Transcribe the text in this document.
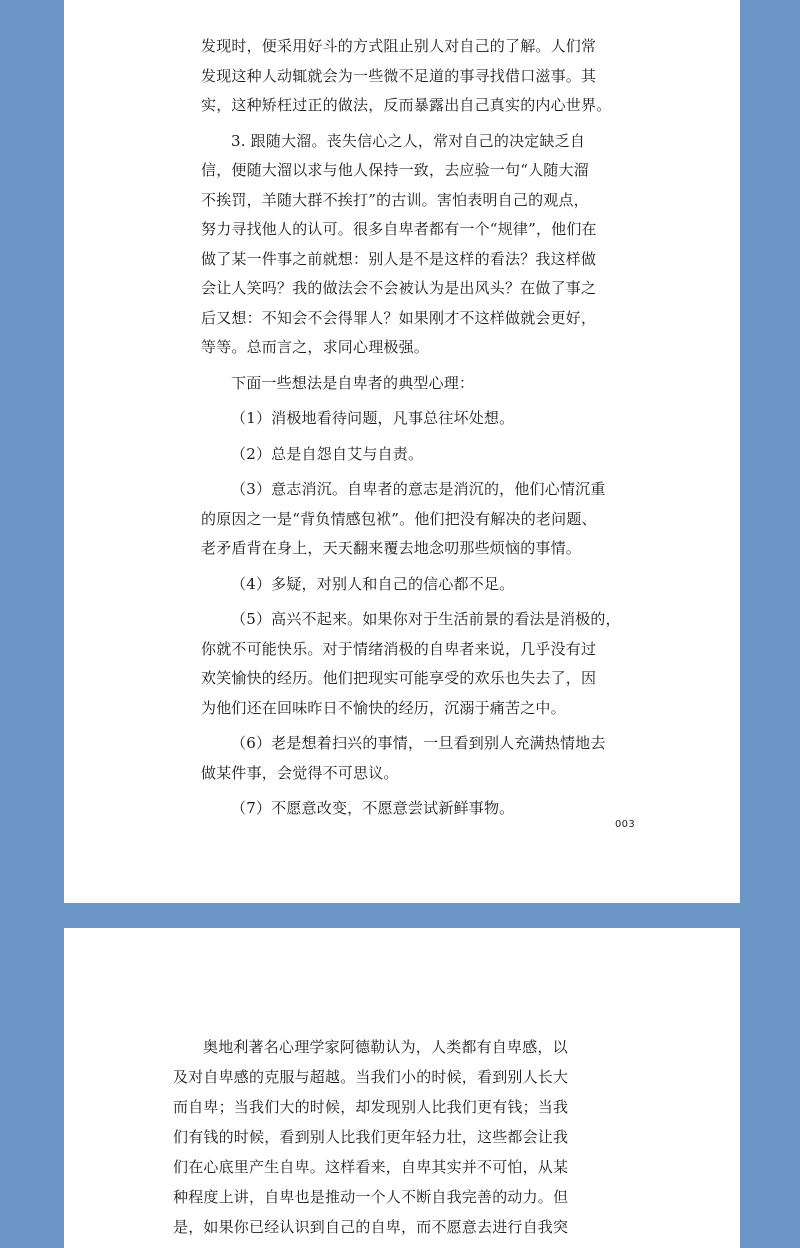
发现时，便采用好斗的方式阻止别人对自己的了解。人们常
发现这种人动辄就会为一些微不足道的事寻找借口滋事。其
实，这种矫枉过正的做法，反而暴露出自己真实的内心世界。

3. 跟随大溜。丧失信心之人，常对自己的决定缺乏自
信，便随大溜以求与他人保持一致，去应验一句“人随大溜
不挨罚，羊随大群不挨打”的古训。害怕表明自己的观点，
努力寻找他人的认可。很多自卑者都有一个“规律”，他们在
做了某一件事之前就想：别人是不是这样的看法？我这样做
会让人笑吗？我的做法会不会被认为是出风头？在做了事之
后又想：不知会不会得罪人？如果刚才不这样做就会更好，
等等。总而言之，求同心理极强。

下面一些想法是自卑者的典型心理：

（1）消极地看待问题，凡事总往坏处想。

（2）总是自怨自艾与自责。

（3）意志消沉。自卑者的意志是消沉的，他们心情沉重
的原因之一是“背负情感包袱”。他们把没有解决的老问题、
老矛盾背在身上，天天翻来覆去地念叨那些烦恼的事情。

（4）多疑，对别人和自己的信心都不足。

（5）高兴不起来。如果你对于生活前景的看法是消极的，
你就不可能快乐。对于情绪消极的自卑者来说，几乎没有过
欢笑愉快的经历。他们把现实可能享受的欢乐也失去了，因
为他们还在回味昨日不愉快的经历，沉溺于痛苦之中。

（6）老是想着扫兴的事情，一旦看到别人充满热情地去
做某件事，会觉得不可思议。

（7）不愿意改变，不愿意尝试新鲜事物。

003

奥地利著名心理学家阿德勒认为，人类都有自卑感，以
及对自卑感的克服与超越。当我们小的时候，看到别人长大
而自卑；当我们大的时候，却发现别人比我们更有钱；当我
们有钱的时候，看到别人比我们更年轻力壮，这些都会让我
们在心底里产生自卑。这样看来，自卑其实并不可怕，从某
种程度上讲，自卑也是推动一个人不断自我完善的动力。但
是，如果你已经认识到自己的自卑，而不愿意去进行自我突
